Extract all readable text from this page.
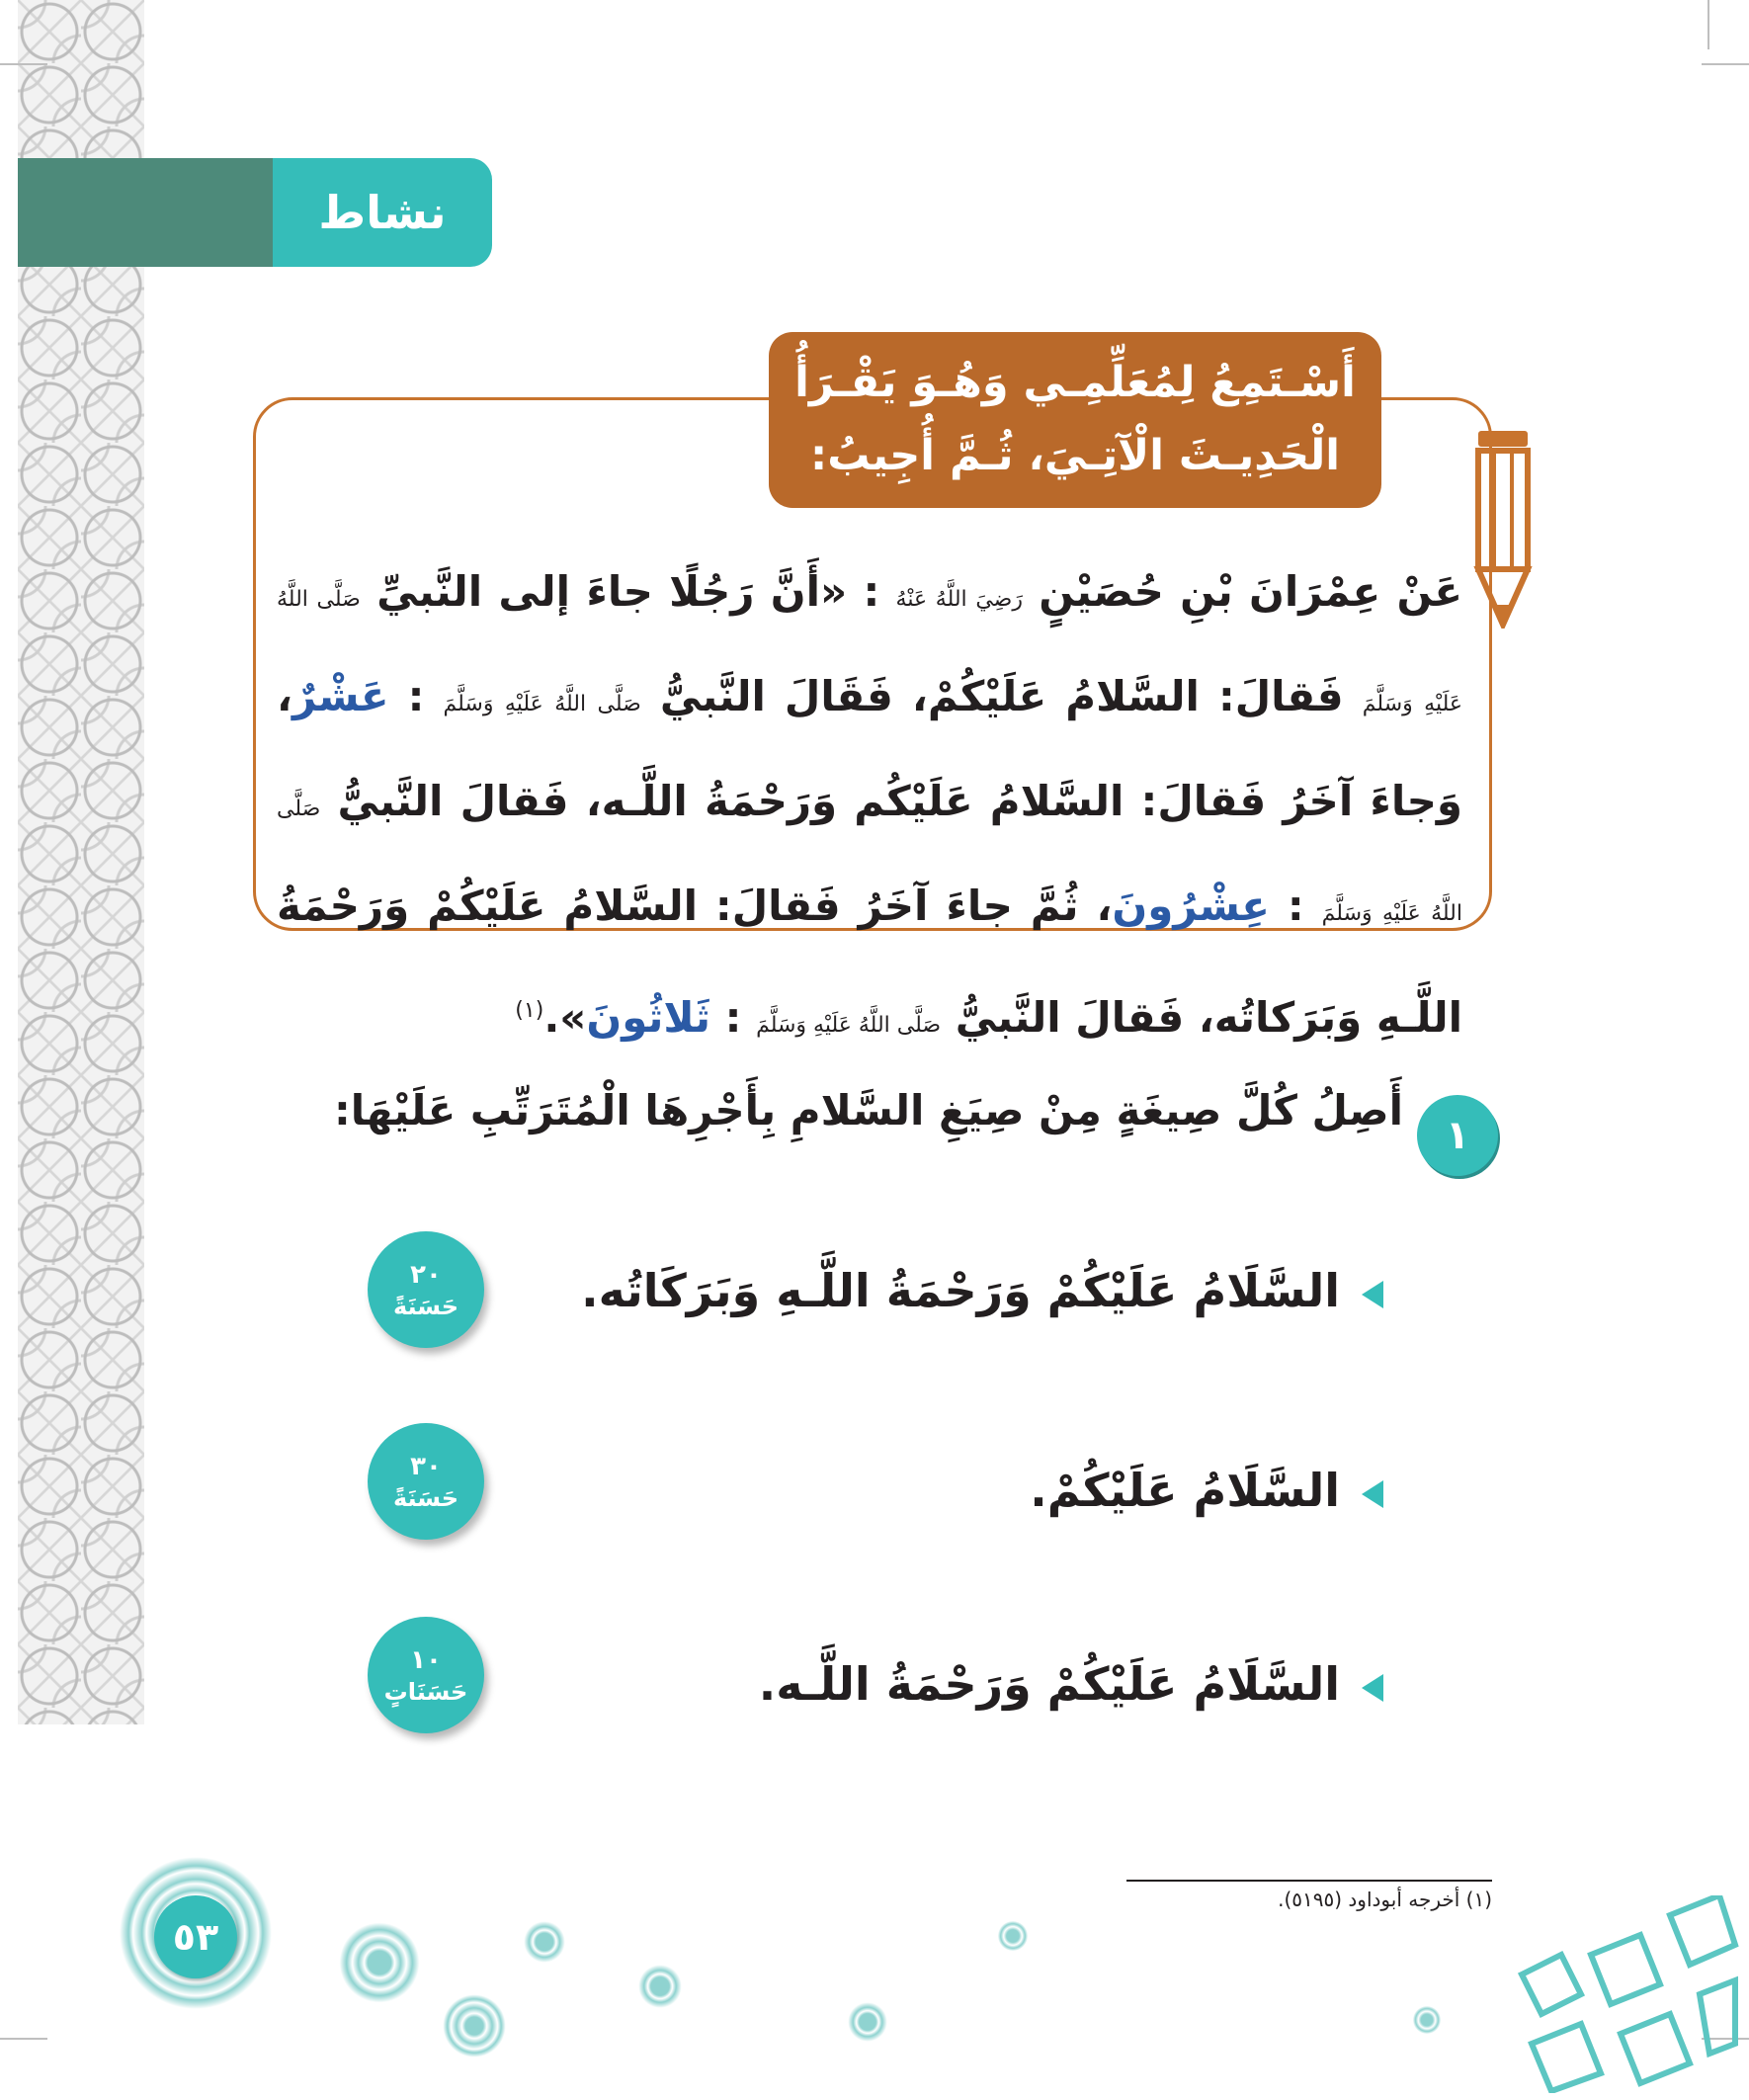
نشاط
أَسْـتَمِعُ لِمُعَلِّمِـي وَهُـوَ يَقْـرَأُ
الْحَدِيـثَ الْآتِـيَ، ثُـمَّ أُجِيبُ:
عَنْ عِمْرَانَ بْنِ حُصَيْنٍ رَضِيَ اللَّهُ عَنْهُ : «أَنَّ رَجُلًا جاءَ إلى النَّبيِّ صَلَّى اللَّهُ عَلَيْهِ وَسَلَّمَ فَقالَ: السَّلامُ عَلَيْكُمْ، فَقَالَ النَّبيُّ صَلَّى اللَّهُ عَلَيْهِ وَسَلَّمَ : عَشْرٌ، وَجاءَ آخَرُ فَقالَ: السَّلامُ عَلَيْكُم وَرَحْمَةُ اللَّـه، فَقالَ النَّبيُّ صَلَّى اللَّهُ عَلَيْهِ وَسَلَّمَ : عِشْرُونَ، ثُمَّ جاءَ آخَرُ فَقالَ: السَّلامُ عَلَيْكُمْ وَرَحْمَةُ اللَّـهِ وَبَرَكاتُه، فَقالَ النَّبيُّ صَلَّى اللَّهُ عَلَيْهِ وَسَلَّمَ : ثَلاثُونَ».$^{(١)}$
١
أَصِلُ كُلَّ صِيغَةٍ مِنْ صِيَغِ السَّلامِ بِأَجْرِهَا الْمُتَرَتِّبِ عَلَيْهَا:
السَّلَامُ عَلَيْكُمْ وَرَحْمَةُ اللَّـهِ وَبَرَكَاتُه.
السَّلَامُ عَلَيْكُمْ.
السَّلَامُ عَلَيْكُمْ وَرَحْمَةُ اللَّـه.
٢٠
حَسَنَةً
٣٠
حَسَنَةً
١٠
حَسَنَاتٍ
(١) أخرجه أبوداود (٥١٩٥).
٥٣
